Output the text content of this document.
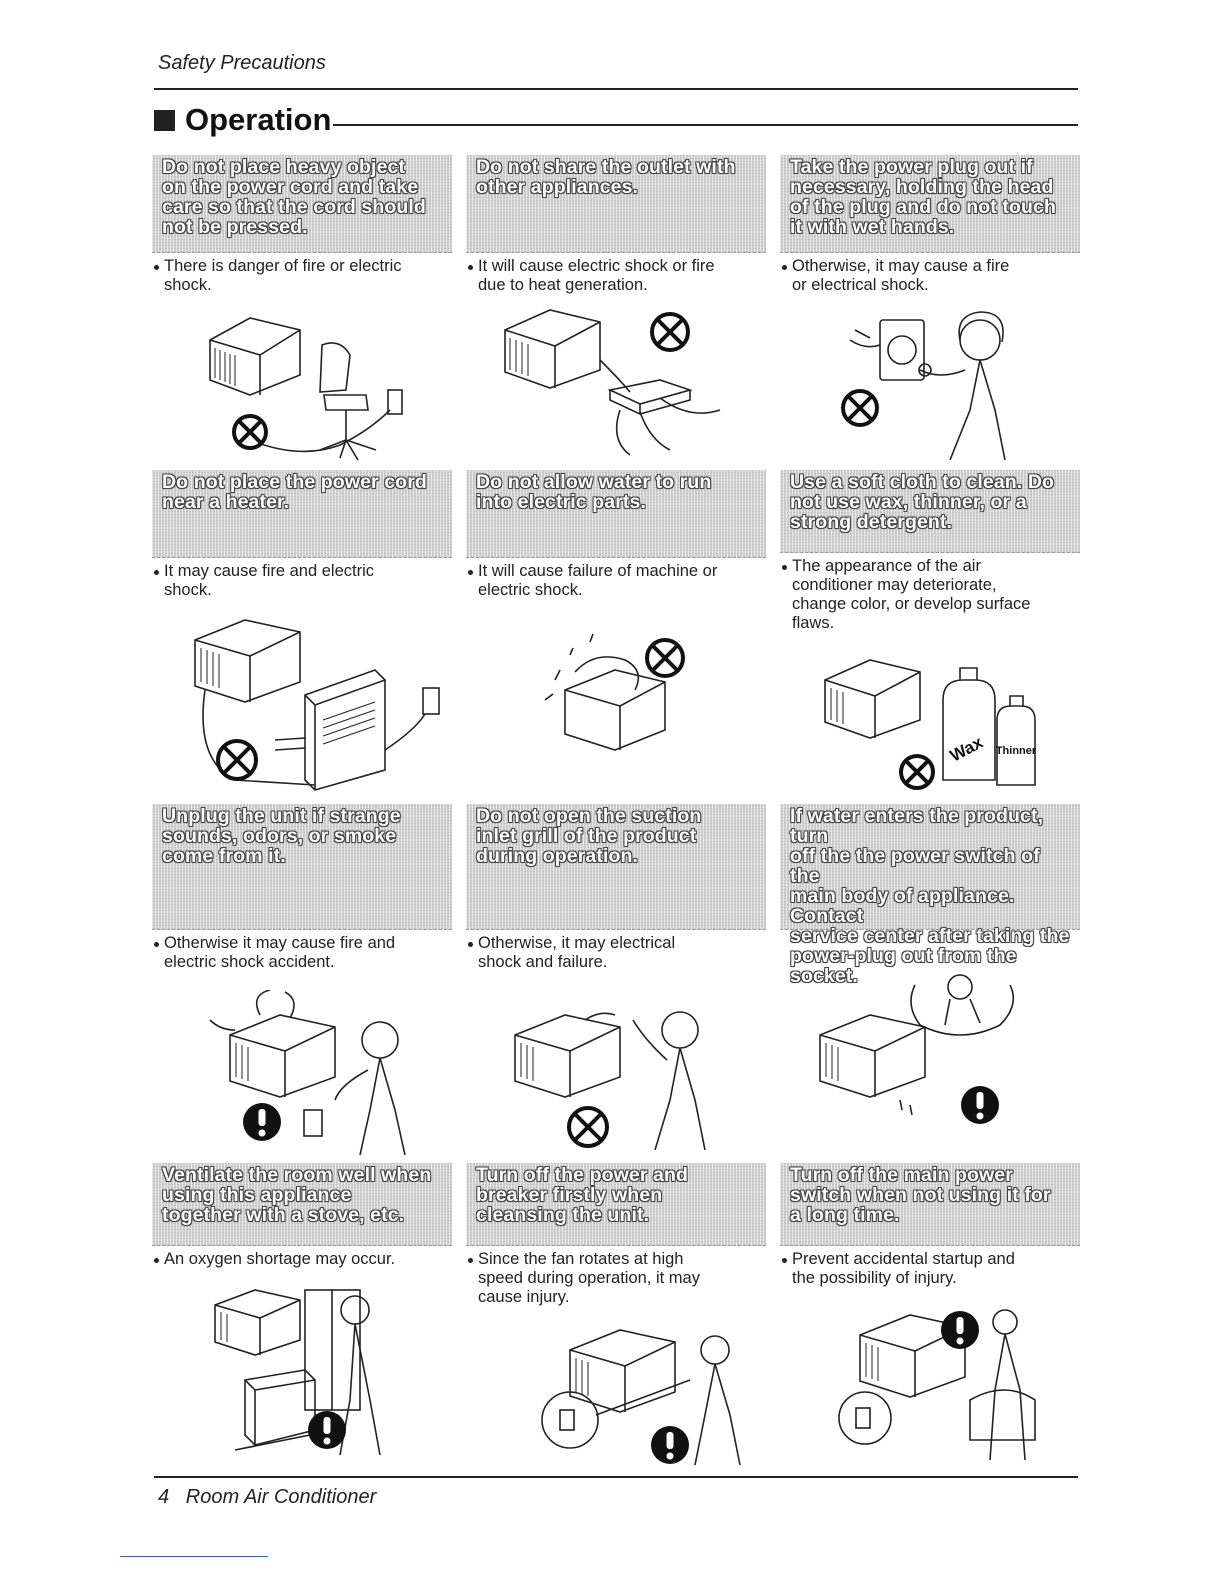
Safety Precautions
Operation
Do not place heavy object
on the power cord and take
care so that the cord should
not be pressed.
There is danger of fire or electric
shock.
Do not share the outlet with
other appliances.
It will cause electric shock or fire
due to heat generation.
Take the power plug out if
necessary, holding the head
of the plug and do not touch
it with wet hands.
Otherwise, it may cause a fire
or electrical shock.
Do not place the power cord
near a heater.
It may cause fire and electric
shock.
Do not allow water to run
into electric parts.
It will cause failure of machine or
electric shock.
Use a soft cloth to clean. Do
not use wax, thinner, or a
strong detergent.
The appearance of the air
conditioner may deteriorate,
change color, or develop surface
flaws.
Wax Thinner
Unplug the unit if strange
sounds, odors, or smoke
come from it.
Otherwise it may cause fire and
electric shock accident.
Do not open the suction
inlet grill of the product
during operation.
Otherwise, it may electrical
shock and failure.
If water enters the product, turn
off the the power switch of the
main body of appliance. Contact
service center after taking the
power-plug out from the socket.
Ventilate the room well when
using this appliance
together with a stove, etc.
An oxygen shortage may occur.
Turn off the power and
breaker firstly when
cleansing the unit.
Since the fan rotates at high
speed during operation, it may
cause injury.
Turn off the main power
switch when not using it for
a long time.
Prevent accidental startup and
the possibility of injury.
4 Room Air Conditioner
